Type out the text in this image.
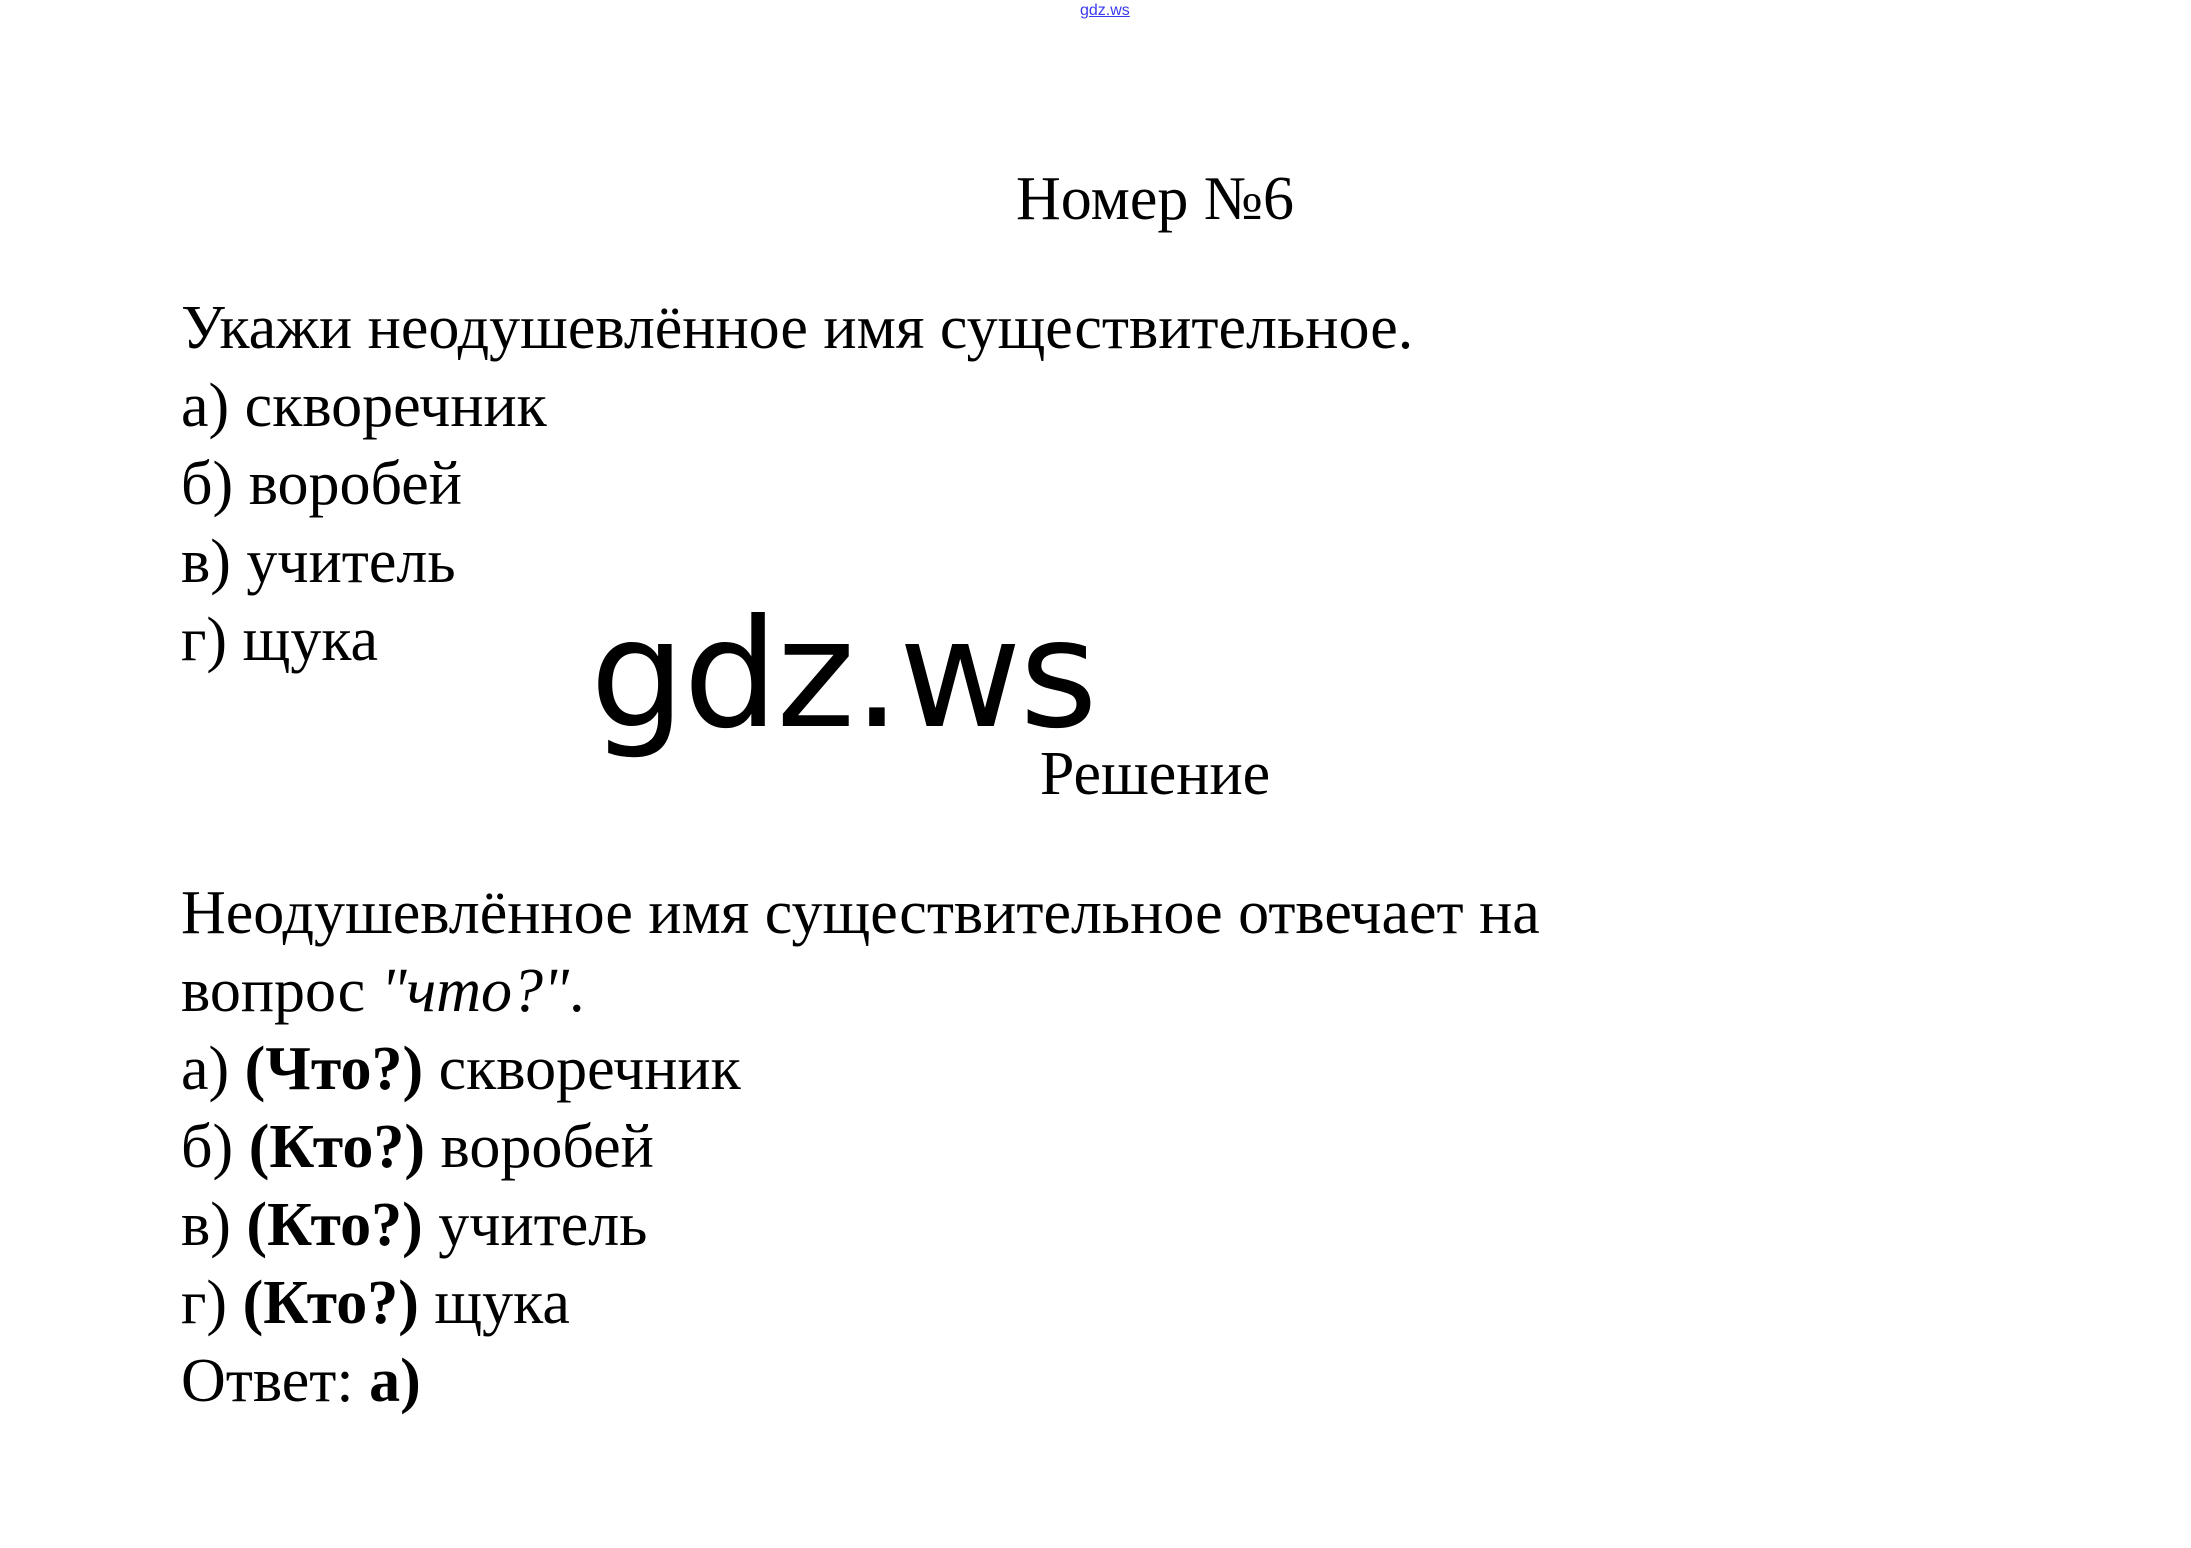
gdz.ws
Номер №6
Укажи неодушевлённое имя существительное.
а) скворечник
б) воробей
в) учитель
г) щука	gdz.ws
Решение
Неодушевлённое имя существительное отвечает на
вопрос "что?".
а) (Что?) скворечник
б) (Кто?) воробей
в) (Кто?) учитель
г) (Кто?) щука
Ответ: а)
